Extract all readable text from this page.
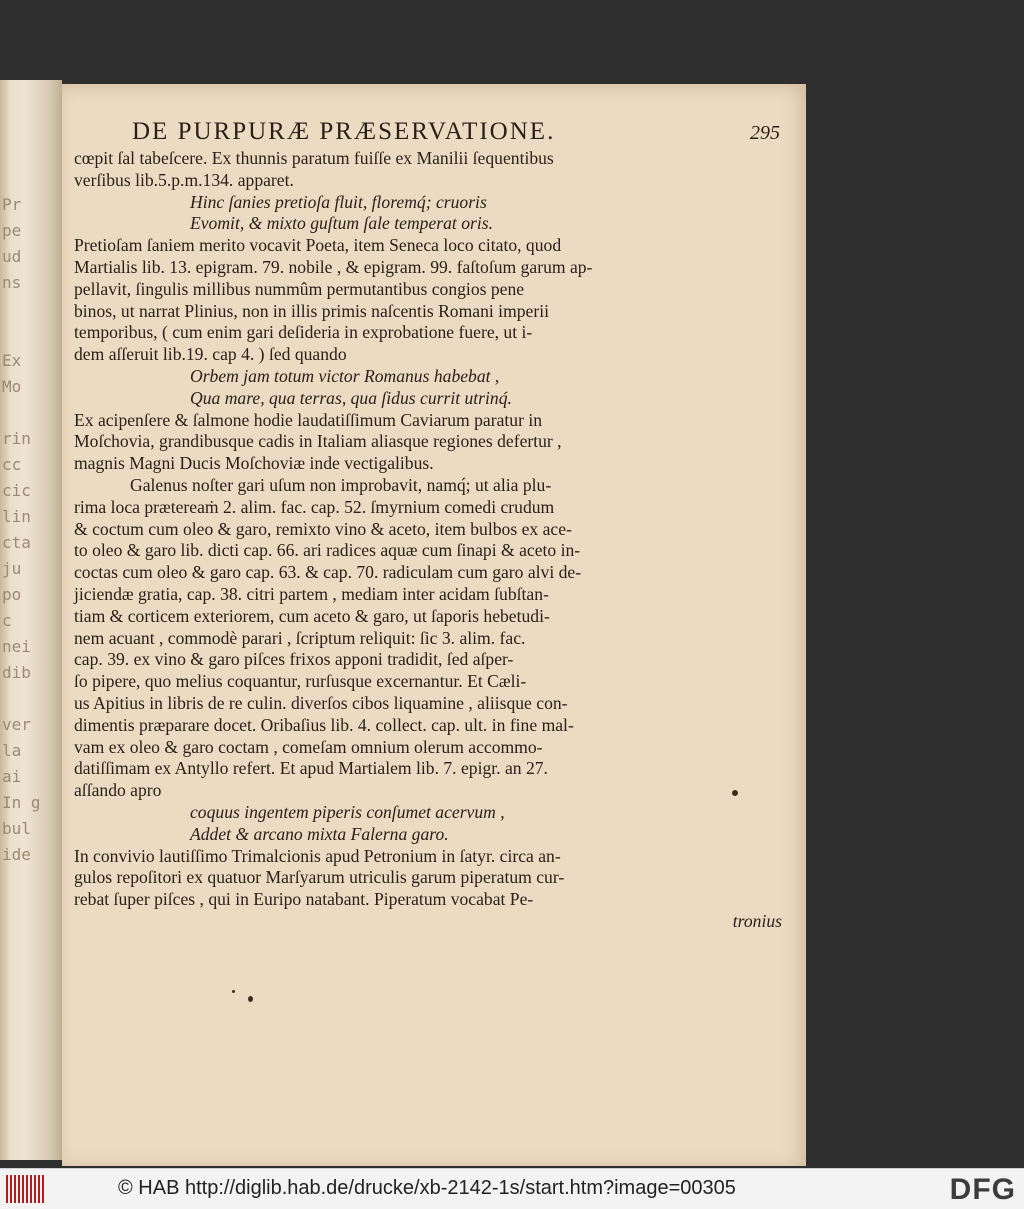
Pr
pe
ud
ns
Ex
Mo
rin
cc
cic
lin
cta
ju
po
c
nei
dib
ver
la
ai
In g
bul
ide
DE PURPURÆ PRÆSERVATIONE.	295
cœpit ſal tabeſcere. Ex thunnis paratum fuiſſe ex Manilii ſequentibus
verſibus lib.5.p.m.134. apparet.
Hinc ſanies pretioſa fluit, floremq́; cruoris
Evomit, & mixto guſtum ſale temperat oris.
Pretioſam ſaniem merito vocavit Poeta, item Seneca loco citato, quod
Martialis lib. 13. epigram. 79. nobile , & epigram. 99. faſtoſum garum ap-
pellavit, ſingulis millibus nummûm permutantibus congios pene
binos, ut narrat Plinius, non in illis primis naſcentis Romani imperii
temporibus, ( cum enim gari deſideria in exprobatione fuere, ut i-
dem aſſeruit lib.19. cap 4. ) ſed quando
Orbem jam totum victor Romanus habebat ,
Qua mare, qua terras, qua ſidus currit utrinq́.
Ex acipenſere & ſalmone hodie laudatiſſimum Caviarum paratur in
Moſchovia, grandibusque cadis in Italiam aliasque regiones defertur ,
magnis Magni Ducis Moſchoviæ inde vectigalibus.
Galenus noſter gari uſum non improbavit, namq́; ut alia plu-
rima loca prætereaṁ 2. alim. fac. cap. 52. ſmyrnium comedi crudum
& coctum cum oleo & garo, remixto vino & aceto, item bulbos ex ace-
to oleo & garo lib. dicti cap. 66. ari radices aquæ cum ſinapi & aceto in-
coctas cum oleo & garo cap. 63. & cap. 70. radiculam cum garo alvi de-
jiciendæ gratia, cap. 38. citri partem , mediam inter acidam ſubſtan-
tiam & corticem exteriorem, cum aceto & garo, ut ſaporis hebetudi-
nem acuant , commodè parari , ſcriptum reliquit: ſic 3. alim. fac.
cap. 39. ex vino & garo piſces frixos apponi tradidit, ſed aſper-
ſo pipere, quo melius coquantur, rurſusque excernantur. Et Cæli-
us Apitius in libris de re culin. diverſos cibos liquamine , aliisque con-
dimentis præparare docet. Oribaſius lib. 4. collect. cap. ult. in fine mal-
vam ex oleo & garo coctam , comeſam omnium olerum accommo-
datiſſimam ex Antyllo refert. Et apud Martialem lib. 7. epigr. an 27.
aſſando apro
coquus ingentem piperis conſumet acervum ,
Addet & arcano mixta Falerna garo.
In convivio lautiſſimo Trimalcionis apud Petronium in ſatyr. circa an-
gulos repoſitori ex quatuor Marſyarum utriculis garum piperatum cur-
rebat ſuper piſces , qui in Euripo natabant. Piperatum vocabat Pe-
tronius
© HAB http://diglib.hab.de/drucke/xb-2142-1s/start.htm?image=00305	DFG
